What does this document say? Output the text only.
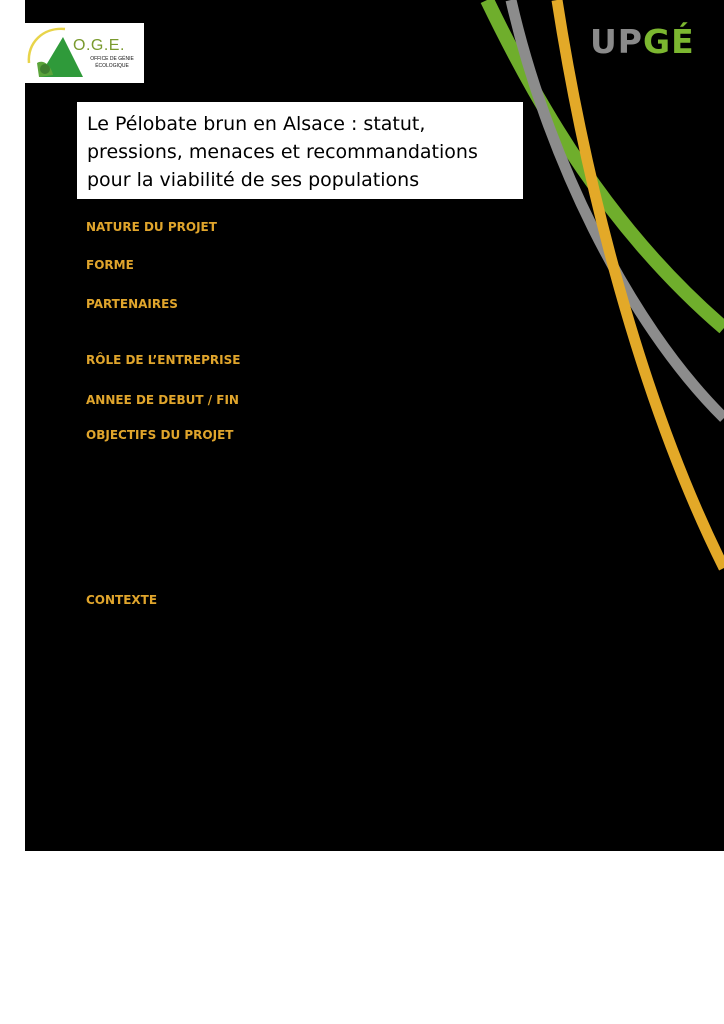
O.G.E.
OFFICE DE GÉNIE
ÉCOLOGIQUE
UPGÉ
Le Pélobate brun en Alsace : statut,
pressions, menaces et recommandations
pour la viabilité de ses populations
NATURE DU PROJET
FORME
PARTENAIRES
RÔLE DE L’ENTREPRISE
ANNEE DE DEBUT / FIN
OBJECTIFS DU PROJET
CONTEXTE
